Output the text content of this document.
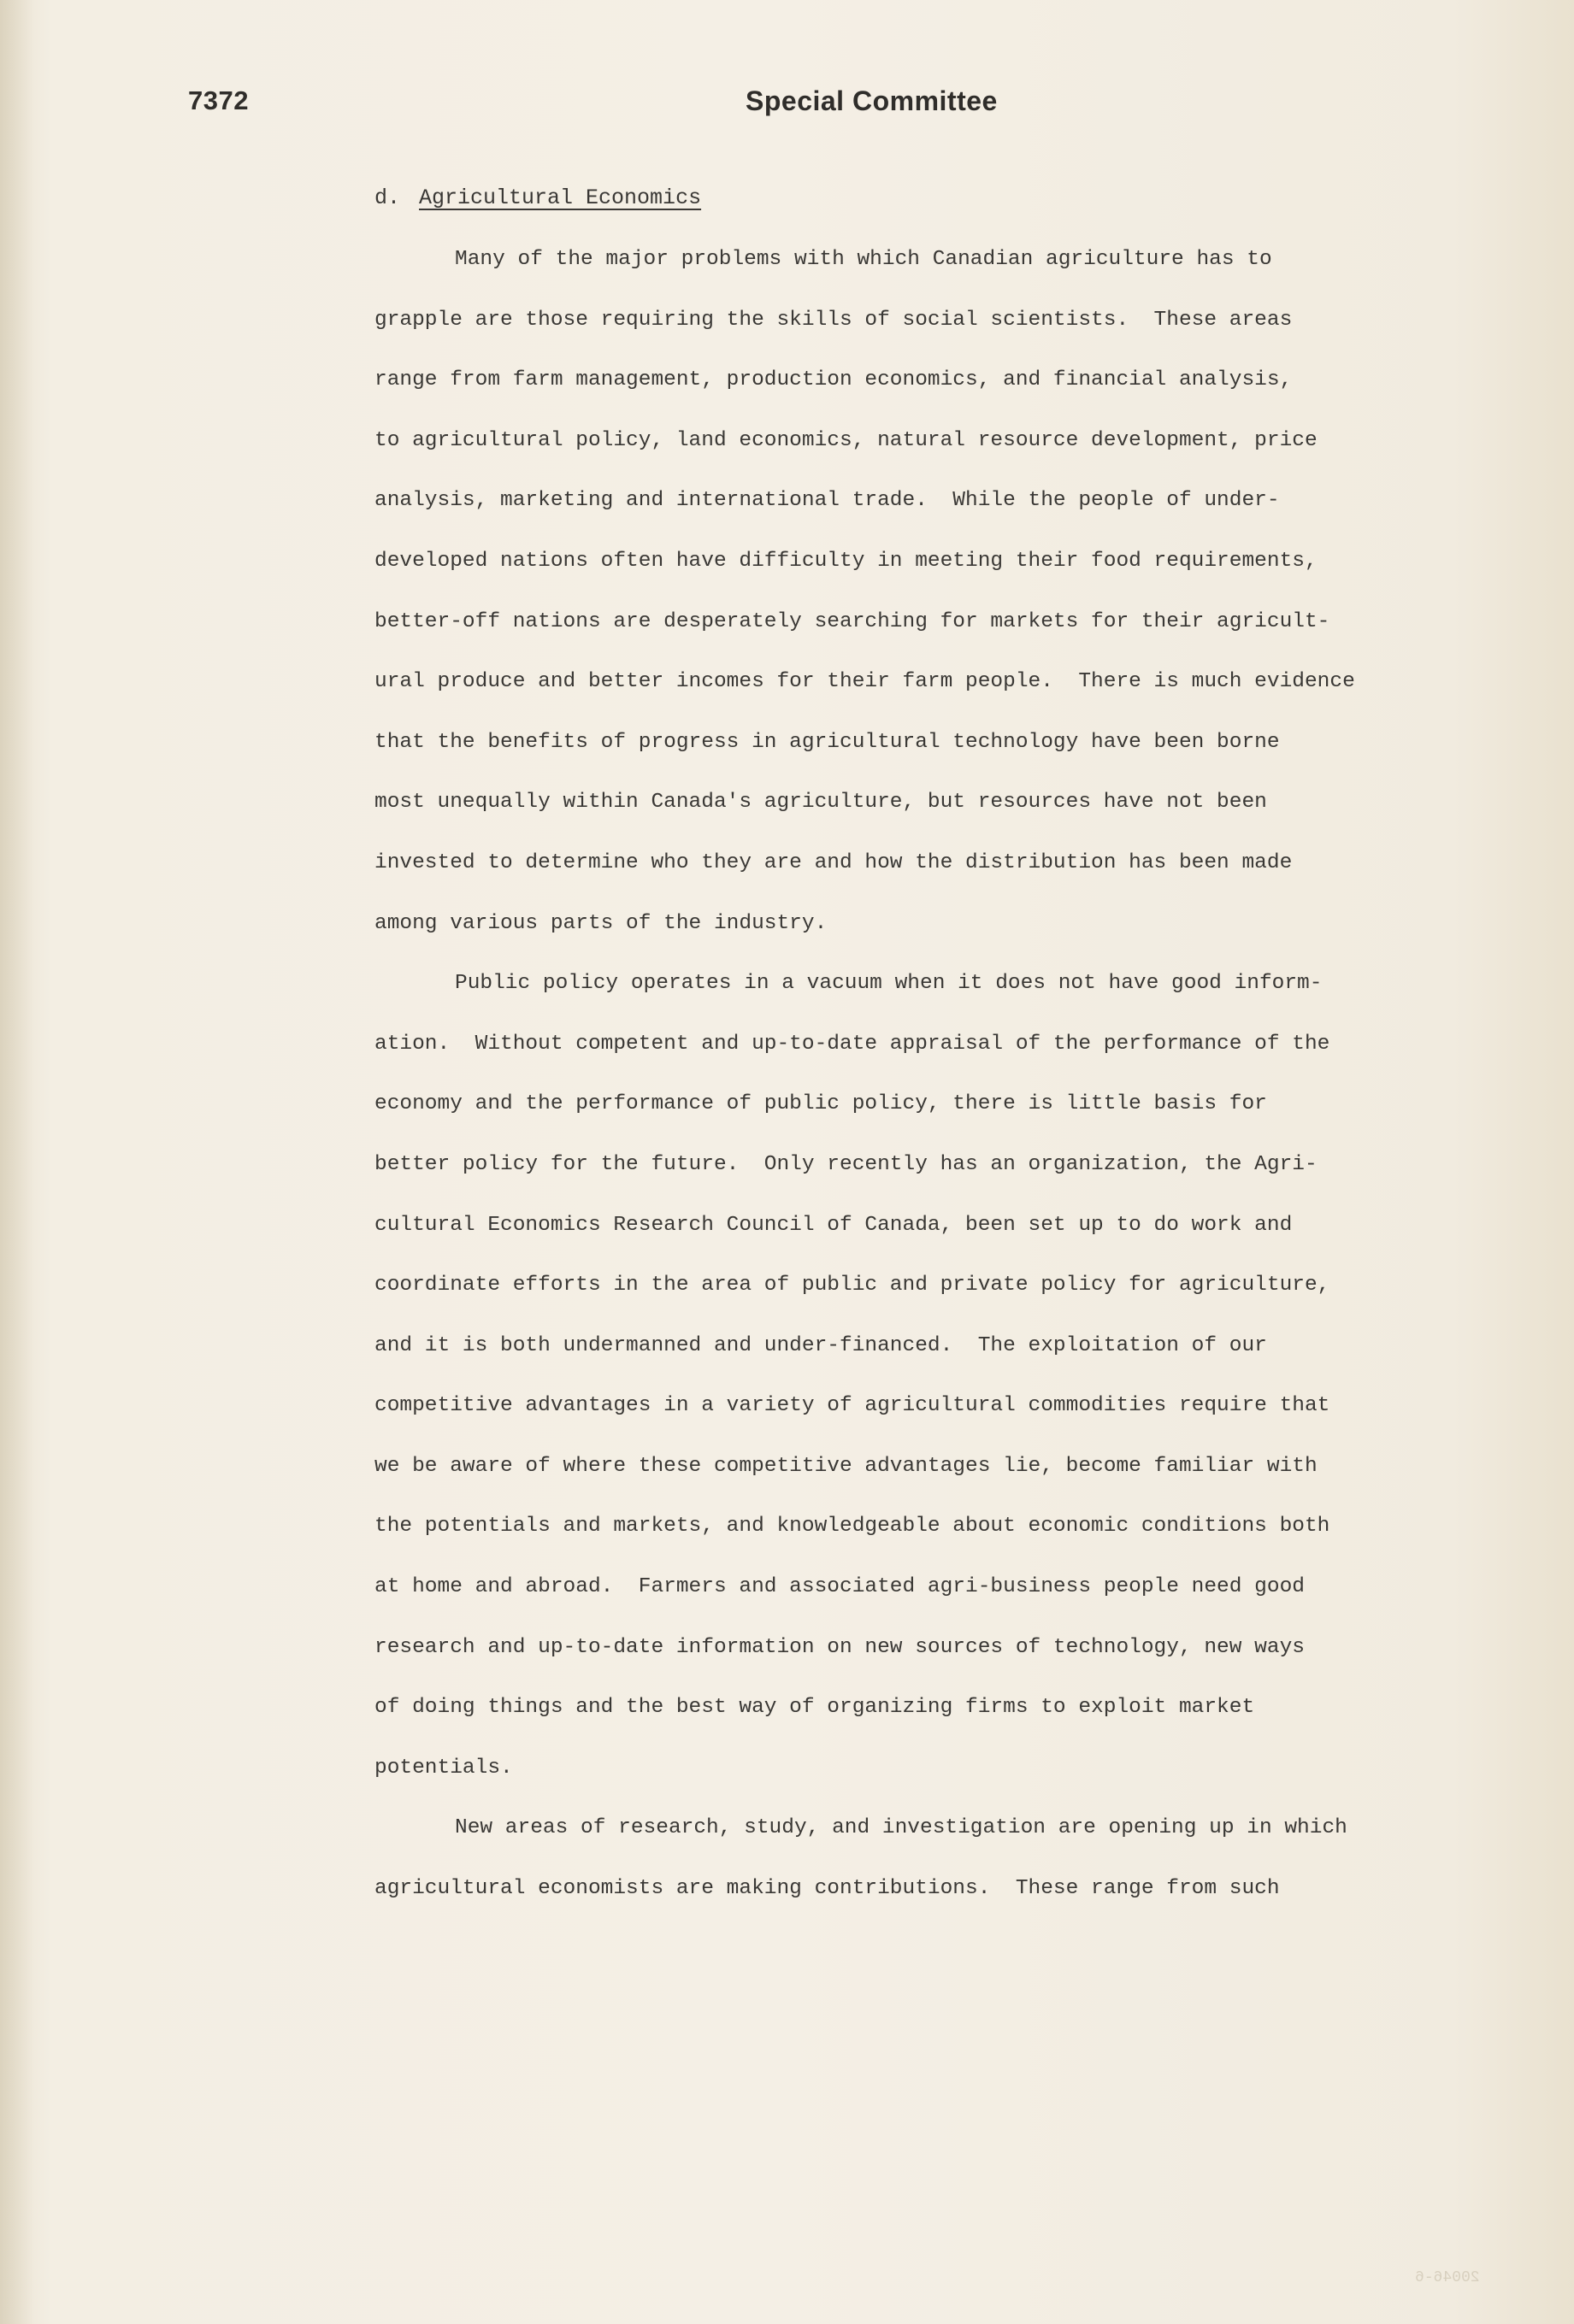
7372	Special Committee
d. Agricultural Economics
Many of the major problems with which Canadian agriculture has to
grapple are those requiring the skills of social scientists.  These areas
range from farm management, production economics, and financial analysis,
to agricultural policy, land economics, natural resource development, price
analysis, marketing and international trade.  While the people of under-
developed nations often have difficulty in meeting their food requirements,
better-off nations are desperately searching for markets for their agricult-
ural produce and better incomes for their farm people.  There is much evidence
that the benefits of progress in agricultural technology have been borne
most unequally within Canada's agriculture, but resources have not been
invested to determine who they are and how the distribution has been made
among various parts of the industry.
Public policy operates in a vacuum when it does not have good inform-
ation.  Without competent and up-to-date appraisal of the performance of the
economy and the performance of public policy, there is little basis for
better policy for the future.  Only recently has an organization, the Agri-
cultural Economics Research Council of Canada, been set up to do work and
coordinate efforts in the area of public and private policy for agriculture,
and it is both undermanned and under-financed.  The exploitation of our
competitive advantages in a variety of agricultural commodities require that
we be aware of where these competitive advantages lie, become familiar with
the potentials and markets, and knowledgeable about economic conditions both
at home and abroad.  Farmers and associated agri-business people need good
research and up-to-date information on new sources of technology, new ways
of doing things and the best way of organizing firms to exploit market
potentials.
New areas of research, study, and investigation are opening up in which
agricultural economists are making contributions.  These range from such
20046-6
